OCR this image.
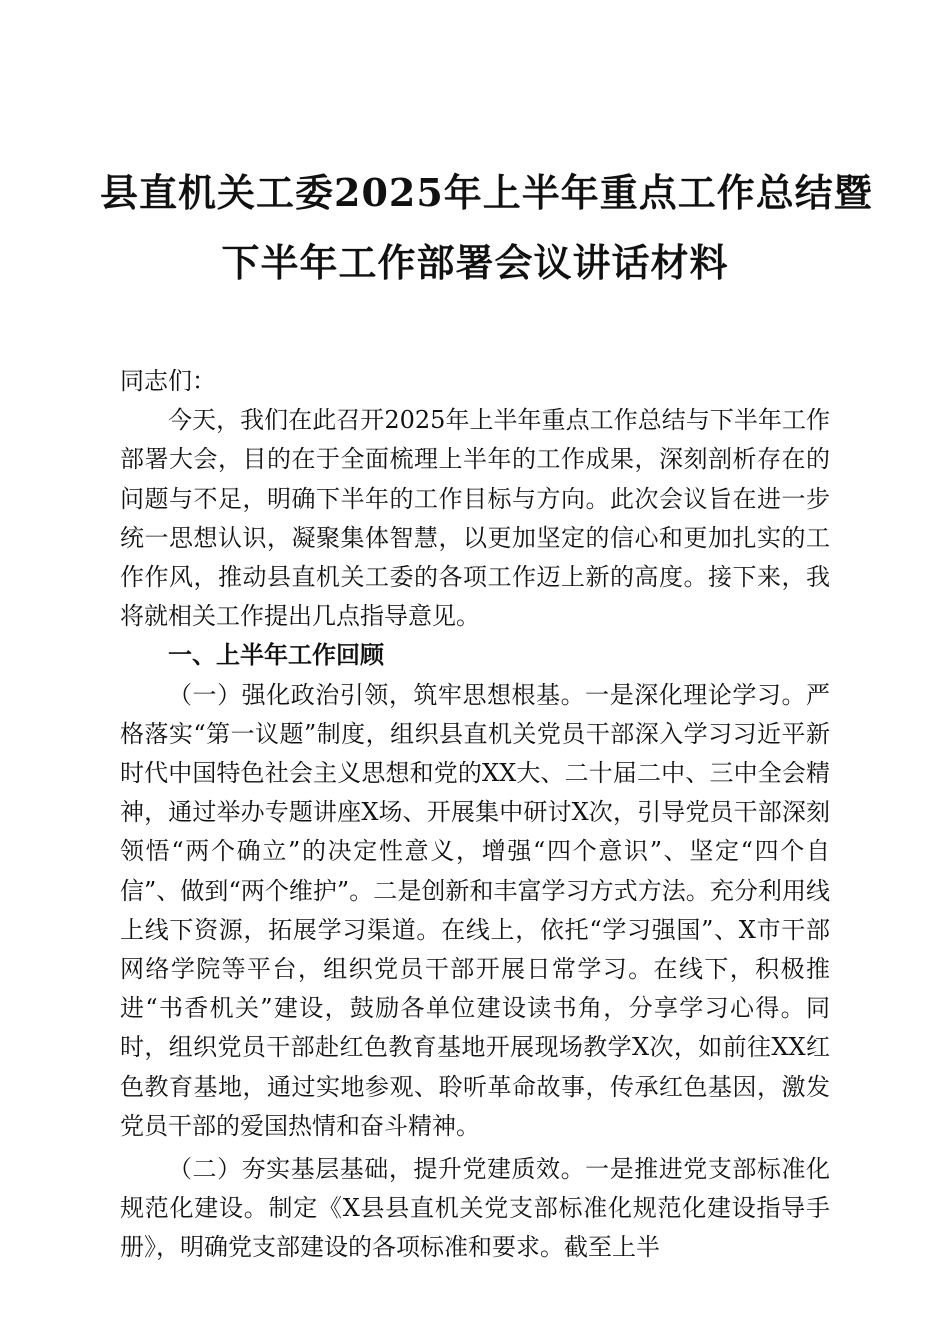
县直机关工委2025年上半年重点工作总结暨
下半年工作部署会议讲话材料

同志们：

今天，我们在此召开2025年上半年重点工作总结与下半年工作部署大会，目的在于全面梳理上半年的工作成果，深刻剖析存在的问题与不足，明确下半年的工作目标与方向。此次会议旨在进一步统一思想认识，凝聚集体智慧，以更加坚定的信心和更加扎实的工作作风，推动县直机关工委的各项工作迈上新的高度。接下来，我将就相关工作提出几点指导意见。

一、上半年工作回顾

（一）强化政治引领，筑牢思想根基。一是深化理论学习。严格落实“第一议题”制度，组织县直机关党员干部深入学习习近平新时代中国特色社会主义思想和党的XX大、二十届二中、三中全会精神，通过举办专题讲座X场、开展集中研讨X次，引导党员干部深刻领悟“两个确立”的决定性意义，增强“四个意识”、坚定“四个自信”、做到“两个维护”。二是创新和丰富学习方式方法。充分利用线上线下资源，拓展学习渠道。在线上，依托“学习强国”、X市干部网络学院等平台，组织党员干部开展日常学习。在线下，积极推进“书香机关”建设，鼓励各单位建设读书角，分享学习心得。同时，组织党员干部赴红色教育基地开展现场教学X次，如前往XX红色教育基地，通过实地参观、聆听革命故事，传承红色基因，激发党员干部的爱国热情和奋斗精神。

（二）夯实基层基础，提升党建质效。一是推进党支部标准化规范化建设。制定《X县县直机关党支部标准化规范化建设指导手册》，明确党支部建设的各项标准和要求。截至上半
